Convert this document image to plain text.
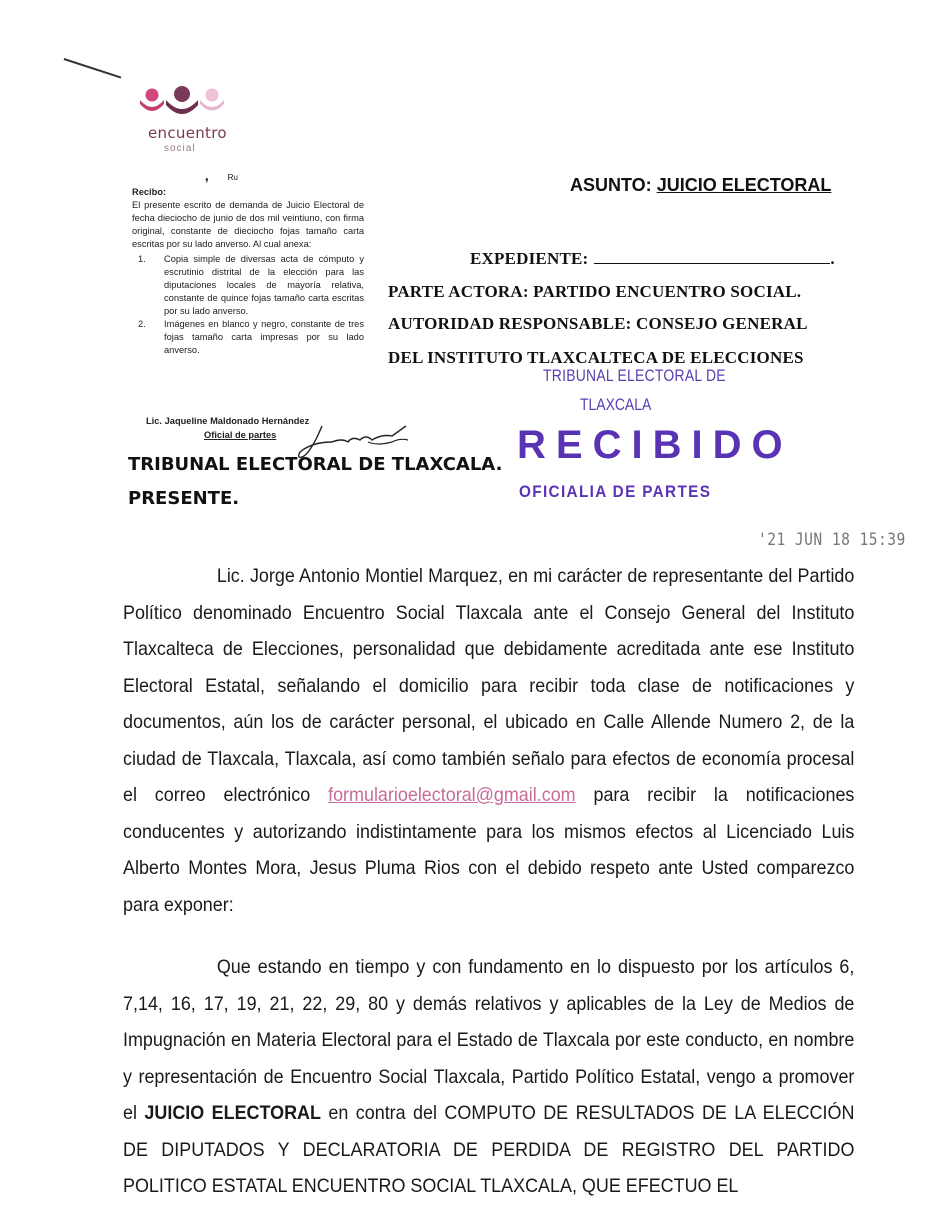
encuentro
social
❜ ᴿᵘ
Recibo:

El presente escrito de demanda de Juicio Electoral de fecha dieciocho de junio de dos mil veintiuno, con firma original, constante de dieciocho fojas tamaño carta escritas por su lado anverso. Al cual anexa:

1.	Copia simple de diversas acta de cómputo y escrutinio distrital de la elección para las diputaciones locales de mayoría relativa, constante de quince fojas tamaño carta escritas por su lado anverso.
2.	Imágenes en blanco y negro, constante de tres fojas tamaño carta impresas por su lado anverso.
Lic. Jaqueline Maldonado Hernández
Oficial de partes
ASUNTO: JUICIO ELECTORAL
EXPEDIENTE:	.
PARTE ACTORA: PARTIDO ENCUENTRO SOCIAL.
AUTORIDAD RESPONSABLE: CONSEJO GENERAL
DEL INSTITUTO TLAXCALTECA DE ELECCIONES
TRIBUNAL ELECTORAL DE
TLAXCALA
RECIBIDO
OFICIALIA DE PARTES
'21 JUN 18 15:39
TRIBUNAL ELECTORAL DE TLAXCALA.
PRESENTE.

Lic. Jorge Antonio Montiel Marquez, en mi carácter de representante del Partido Político denominado Encuentro Social Tlaxcala ante el Consejo General del Instituto Tlaxcalteca de Elecciones, personalidad que debidamente acreditada ante ese Instituto Electoral Estatal, señalando el domicilio para recibir toda clase de notificaciones y documentos, aún los de carácter personal, el ubicado en Calle Allende Numero 2, de la ciudad de Tlaxcala, Tlaxcala, así como también señalo para efectos de economía procesal el correo electrónico formularioelectoral@gmail.com para recibir la notificaciones conducentes y autorizando indistintamente para los mismos efectos al Licenciado Luis Alberto Montes Mora, Jesus Pluma Rios con el debido respeto ante Usted comparezco para exponer:

Que estando en tiempo y con fundamento en lo dispuesto por los artículos 6, 7,14, 16, 17, 19, 21, 22, 29, 80 y demás relativos y aplicables de la Ley de Medios de Impugnación en Materia Electoral para el Estado de Tlaxcala por este conducto, en nombre y representación de Encuentro Social Tlaxcala, Partido Político Estatal, vengo a promover el JUICIO ELECTORAL en contra del COMPUTO DE RESULTADOS DE LA ELECCIÓN DE DIPUTADOS Y DECLARATORIA DE PERDIDA DE REGISTRO DEL PARTIDO POLITICO ESTATAL ENCUENTRO SOCIAL TLAXCALA, QUE EFECTUO EL
